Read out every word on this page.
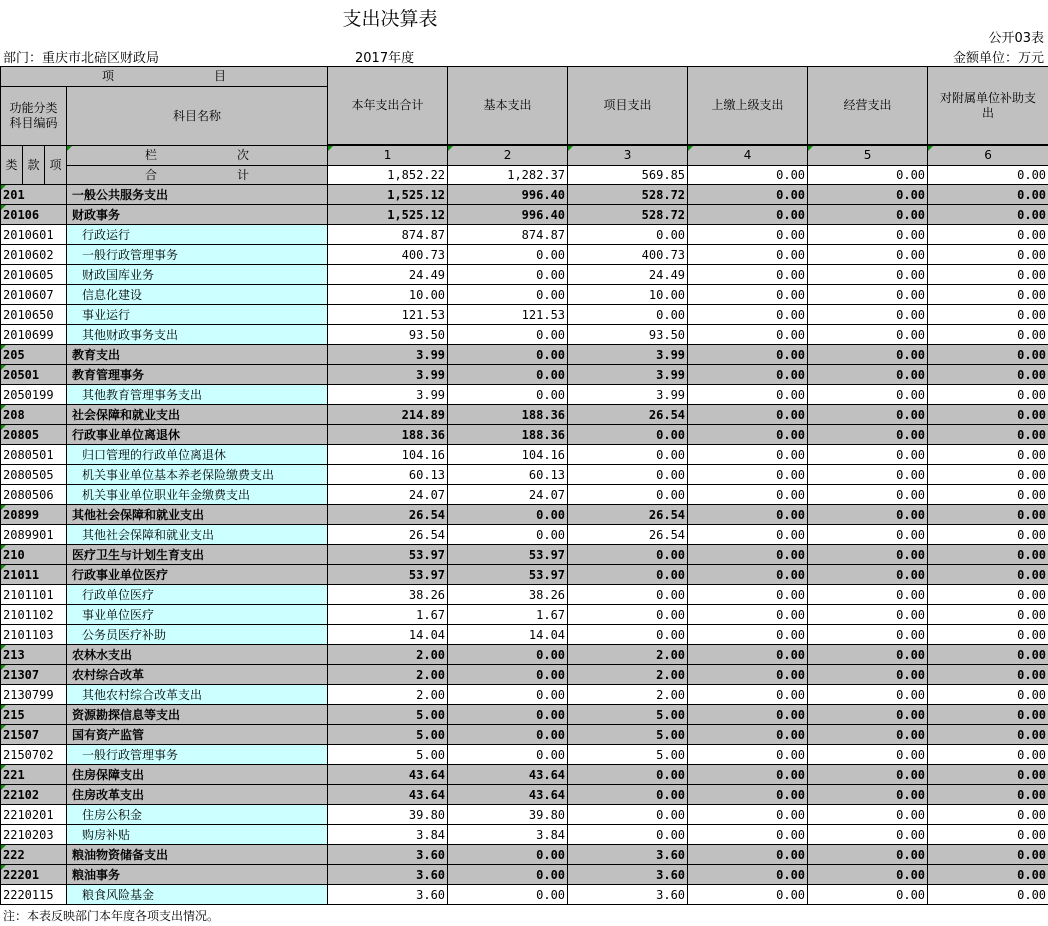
支出决算表
公开03表
部门：重庆市北碚区财政局	2017年度	金额单位：万元
项 目				本年支出合计	基本支出	项目支出	上缴上级支出	经营支出	对附属单位补助支出
功能分类科目编码			科目名称						

类	款	项	栏 次	1	2	3	4	5	6
			合 计	1,852.22	1,282.37	569.85	0.00	0.00	0.00
201			一般公共服务支出	1,525.12	996.40	528.72	0.00	0.00	0.00
20106			财政事务	1,525.12	996.40	528.72	0.00	0.00	0.00
2010601			行政运行	874.87	874.87	0.00	0.00	0.00	0.00
2010602			一般行政管理事务	400.73	0.00	400.73	0.00	0.00	0.00
2010605			财政国库业务	24.49	0.00	24.49	0.00	0.00	0.00
2010607			信息化建设	10.00	0.00	10.00	0.00	0.00	0.00
2010650			事业运行	121.53	121.53	0.00	0.00	0.00	0.00
2010699			其他财政事务支出	93.50	0.00	93.50	0.00	0.00	0.00
205			教育支出	3.99	0.00	3.99	0.00	0.00	0.00
20501			教育管理事务	3.99	0.00	3.99	0.00	0.00	0.00
2050199			其他教育管理事务支出	3.99	0.00	3.99	0.00	0.00	0.00
208			社会保障和就业支出	214.89	188.36	26.54	0.00	0.00	0.00
20805			行政事业单位离退休	188.36	188.36	0.00	0.00	0.00	0.00
2080501			归口管理的行政单位离退休	104.16	104.16	0.00	0.00	0.00	0.00
2080505			机关事业单位基本养老保险缴费支出	60.13	60.13	0.00	0.00	0.00	0.00
2080506			机关事业单位职业年金缴费支出	24.07	24.07	0.00	0.00	0.00	0.00
20899			其他社会保障和就业支出	26.54	0.00	26.54	0.00	0.00	0.00
2089901			其他社会保障和就业支出	26.54	0.00	26.54	0.00	0.00	0.00
210			医疗卫生与计划生育支出	53.97	53.97	0.00	0.00	0.00	0.00
21011			行政事业单位医疗	53.97	53.97	0.00	0.00	0.00	0.00
2101101			行政单位医疗	38.26	38.26	0.00	0.00	0.00	0.00
2101102			事业单位医疗	1.67	1.67	0.00	0.00	0.00	0.00
2101103			公务员医疗补助	14.04	14.04	0.00	0.00	0.00	0.00
213			农林水支出	2.00	0.00	2.00	0.00	0.00	0.00
21307			农村综合改革	2.00	0.00	2.00	0.00	0.00	0.00
2130799			其他农村综合改革支出	2.00	0.00	2.00	0.00	0.00	0.00
215			资源勘探信息等支出	5.00	0.00	5.00	0.00	0.00	0.00
21507			国有资产监管	5.00	0.00	5.00	0.00	0.00	0.00
2150702			一般行政管理事务	5.00	0.00	5.00	0.00	0.00	0.00
221			住房保障支出	43.64	43.64	0.00	0.00	0.00	0.00
22102			住房改革支出	43.64	43.64	0.00	0.00	0.00	0.00
2210201			住房公积金	39.80	39.80	0.00	0.00	0.00	0.00
2210203			购房补贴	3.84	3.84	0.00	0.00	0.00	0.00
222			粮油物资储备支出	3.60	0.00	3.60	0.00	0.00	0.00
22201			粮油事务	3.60	0.00	3.60	0.00	0.00	0.00
2220115			粮食风险基金	3.60	0.00	3.60	0.00	0.00	0.00
注：本表反映部门本年度各项支出情况。
